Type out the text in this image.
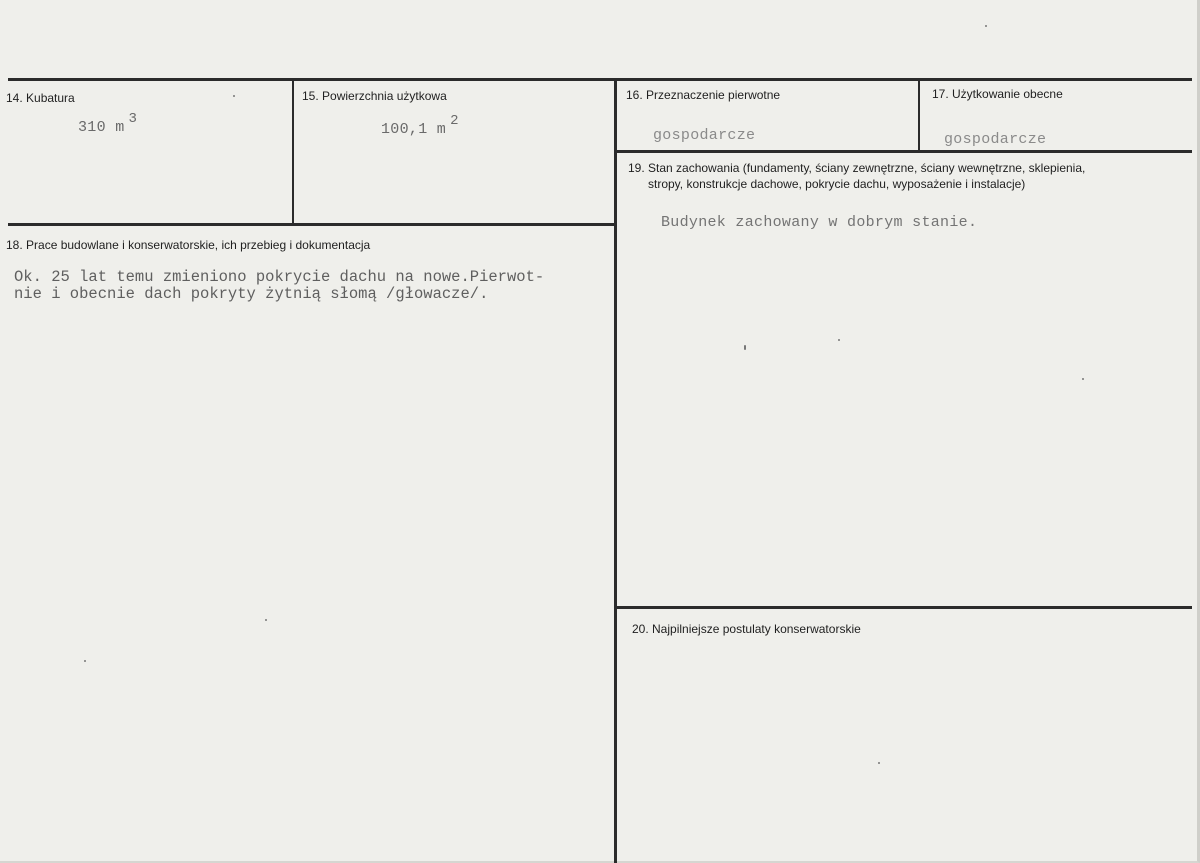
14. Kubatura
310 m 3
15. Powierzchnia użytkowa
100,1 m 2
16. Przeznaczenie pierwotne
gospodarcze
17. Użytkowanie obecne
gospodarcze
18. Prace budowlane i konserwatorskie, ich przebieg i dokumentacja
Ok. 25 lat temu zmieniono pokrycie dachu na nowe.Pierwot-
nie i obecnie dach pokryty żytnią słomą /głowacze/.
19. Stan zachowania (fundamenty, ściany zewnętrzne, ściany wewnętrzne, sklepienia,
stropy, konstrukcje dachowe, pokrycie dachu, wyposażenie i instalacje)
Budynek zachowany w dobrym stanie.
20. Najpilniejsze postulaty konserwatorskie
